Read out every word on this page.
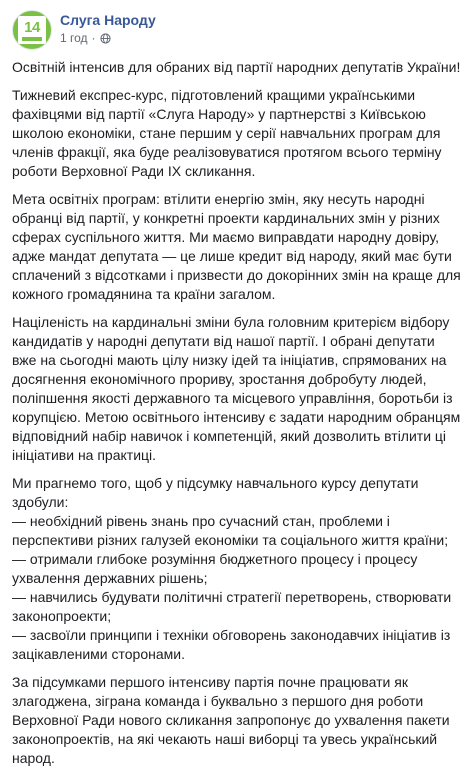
14 Слуга Народу
1 год ·

Освітній інтенсив для обраних від партії народних депутатів України!

Тижневий експрес-курс, підготовлений кращими українськими
фахівцями від партії «Слуга Народу» у партнерстві з Київською
школою економіки, стане першим у серії навчальних програм для
членів фракції, яка буде реалізовуватися протягом всього терміну
роботи Верховної Ради IX скликання.

Мета освітніх програм: втілити енергію змін, яку несуть народні
обранці від партії, у конкретні проекти кардинальних змін у різних
сферах суспільного життя. Ми маємо виправдати народну довіру,
адже мандат депутата — це лише кредит від народу, який має бути
сплачений з відсотками і призвести до докорінних змін на краще для
кожного громадянина та країни загалом.

Націленість на кардинальні зміни була головним критерієм відбору
кандидатів у народні депутати від нашої партії. І обрані депутати
вже на сьогодні мають цілу низку ідей та ініціатив, спрямованих на
досягнення економічного прориву, зростання добробуту людей,
поліпшення якості державного та місцевого управління, боротьби із
корупцією. Метою освітнього інтенсиву є задати народним обранцям
відповідний набір навичок і компетенцій, який дозволить втілити ці
ініціативи на практиці.

Ми прагнемо того, щоб у підсумку навчального курсу депутати
здобули:
— необхідний рівень знань про сучасний стан, проблеми і
перспективи різних галузей економіки та соціального життя країни;
— отримали глибоке розуміння бюджетного процесу і процесу
ухвалення державних рішень;
— навчились будувати політичні стратегії перетворень, створювати
законопроекти;
— засвоїли принципи і техніки обговорень законодавчих ініціатив із
зацікавленими сторонами.

За підсумками першого інтенсиву партія почне працювати як
злагоджена, зіграна команда і буквально з першого дня роботи
Верховної Ради нового скликання запропонує до ухвалення пакети
законопроектів, на які чекають наші виборці та увесь український
народ.
